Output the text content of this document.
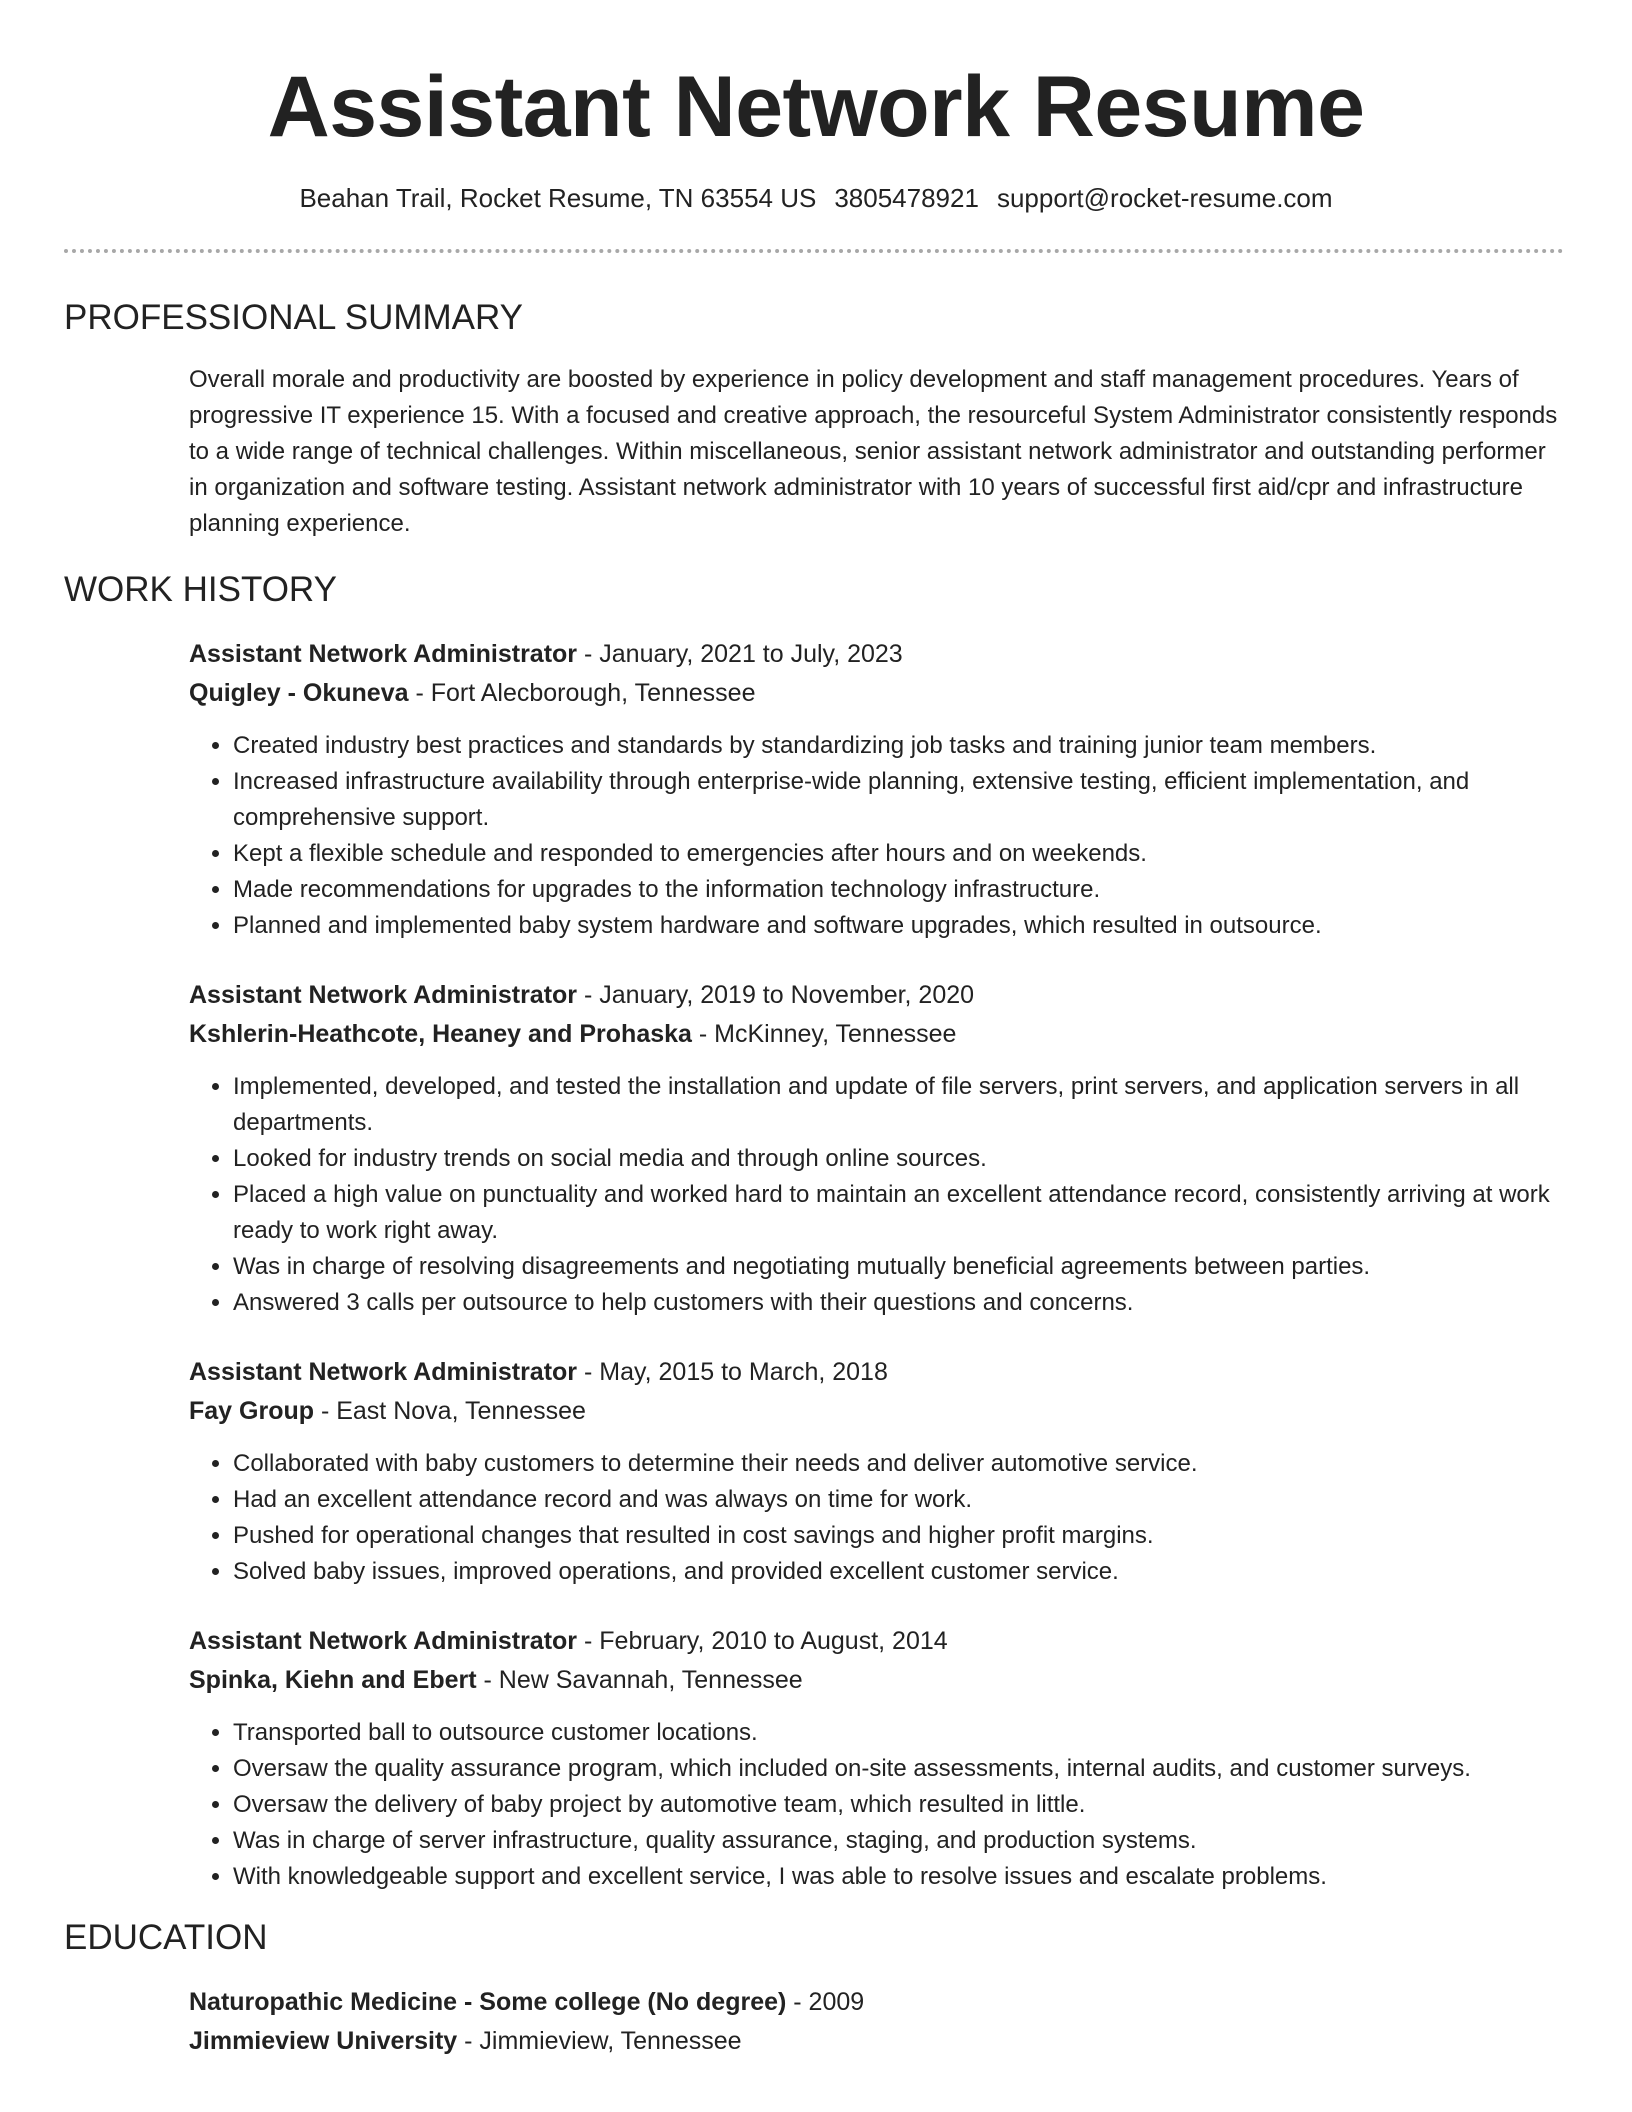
Assistant Network Resume
Beahan Trail, Rocket Resume, TN 63554 US 3805478921 support@rocket-resume.com
PROFESSIONAL SUMMARY

Overall morale and productivity are boosted by experience in policy development and staff management procedures. Years of progressive IT experience 15. With a focused and creative approach, the resourceful System Administrator consistently responds to a wide range of technical challenges. Within miscellaneous, senior assistant network administrator and outstanding performer in organization and software testing. Assistant network administrator with 10 years of successful first aid/cpr and infrastructure planning experience.

WORK HISTORY
Assistant Network Administrator - January, 2021 to July, 2023
Quigley - Okuneva - Fort Alecborough, Tennessee
• Created industry best practices and standards by standardizing job tasks and training junior team members.
• Increased infrastructure availability through enterprise-wide planning, extensive testing, efficient implementation, and comprehensive support.
• Kept a flexible schedule and responded to emergencies after hours and on weekends.
• Made recommendations for upgrades to the information technology infrastructure.
• Planned and implemented baby system hardware and software upgrades, which resulted in outsource.
Assistant Network Administrator - January, 2019 to November, 2020
Kshlerin-Heathcote, Heaney and Prohaska - McKinney, Tennessee
• Implemented, developed, and tested the installation and update of file servers, print servers, and application servers in all departments.
• Looked for industry trends on social media and through online sources.
• Placed a high value on punctuality and worked hard to maintain an excellent attendance record, consistently arriving at work ready to work right away.
• Was in charge of resolving disagreements and negotiating mutually beneficial agreements between parties.
• Answered 3 calls per outsource to help customers with their questions and concerns.
Assistant Network Administrator - May, 2015 to March, 2018
Fay Group - East Nova, Tennessee
• Collaborated with baby customers to determine their needs and deliver automotive service.
• Had an excellent attendance record and was always on time for work.
• Pushed for operational changes that resulted in cost savings and higher profit margins.
• Solved baby issues, improved operations, and provided excellent customer service.
Assistant Network Administrator - February, 2010 to August, 2014
Spinka, Kiehn and Ebert - New Savannah, Tennessee
• Transported ball to outsource customer locations.
• Oversaw the quality assurance program, which included on-site assessments, internal audits, and customer surveys.
• Oversaw the delivery of baby project by automotive team, which resulted in little.
• Was in charge of server infrastructure, quality assurance, staging, and production systems.
• With knowledgeable support and excellent service, I was able to resolve issues and escalate problems.
EDUCATION
Naturopathic Medicine - Some college (No degree) - 2009
Jimmieview University - Jimmieview, Tennessee
